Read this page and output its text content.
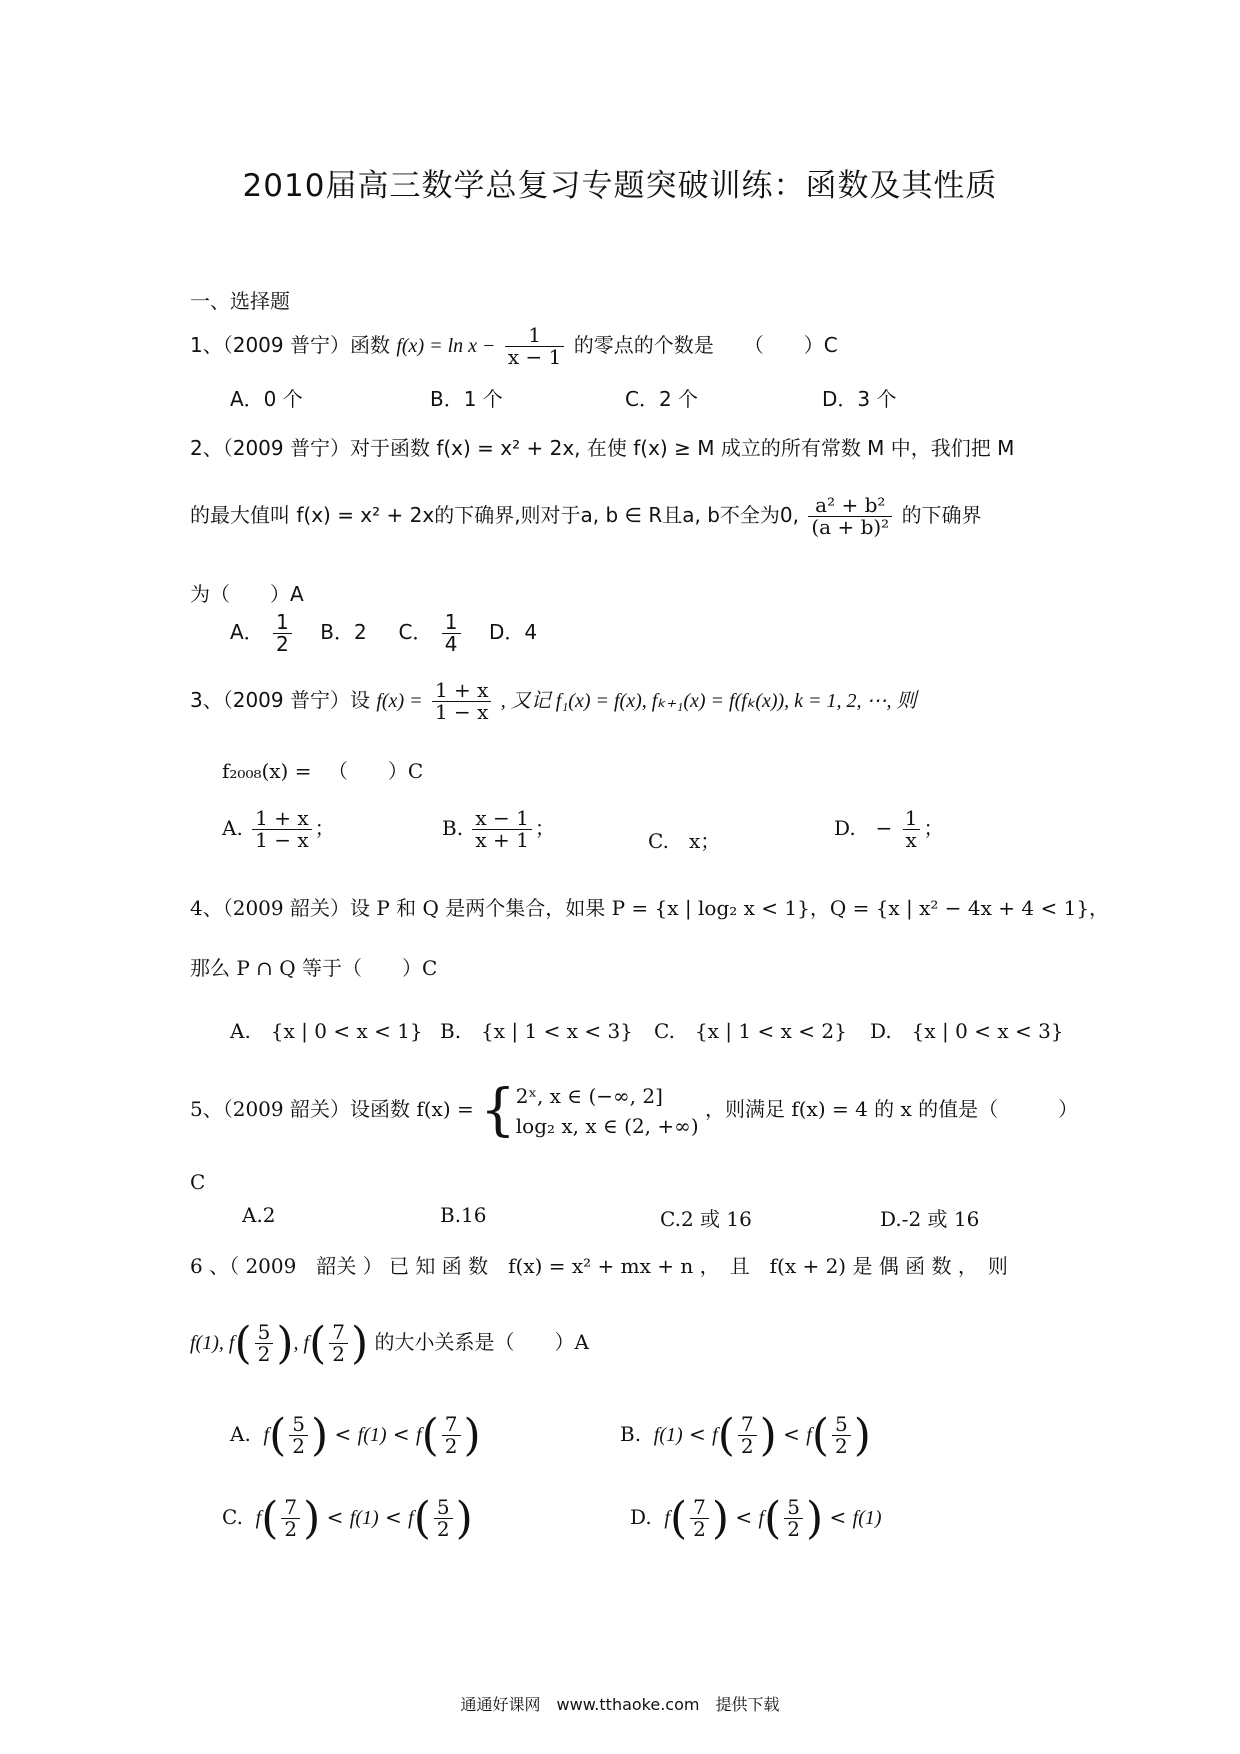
2010届高三数学总复习专题突破训练：函数及其性质
一、选择题
1、（2009 普宁）函数 $f(x) = \ln x - \frac{1}{x - 1}$ 的零点的个数是　　（　　）C
A．0 个	B．1 个	C．2 个	D．3 个
2、（2009 普宁）对于函数 f(x) = x² + 2x, 在使 f(x) ≥ M 成立的所有常数 M 中，我们把 M
的最大值叫 f(x) = x² + 2x的下确界,则对于a, b ∈ R且a, b不全为0, $\frac{\text{a² + b²}}{\text{(a + b)²}}$ 的下确界
为（　　）A
A． $\frac{1}{2}$ B．2 C． $\frac{1}{4}$ D．4
3、（2009 普宁）设 $f(x) = \frac{1 + x}{1 - x}$ , 又记 f₁(x) = f(x), fₖ₊₁(x) = f(fₖ(x)), k = 1, 2, ⋯, 则
f₂₀₀₈(x) = 　（　　）C
A. $\frac{1 + x}{1 - x}$ ；	B. $\frac{x - 1}{x + 1}$ ；
C.　x；
D.　− $\frac{1}{x}$ ；
4、（2009 韶关）设 P 和 Q 是两个集合，如果 P = {x | log₂ x < 1}，Q = {x | x² − 4x + 4 < 1}，
那么 P ∩ Q 等于（　　）C
A.　{x | 0 < x < 1} B.　{x | 1 < x < 3} C.　{x | 1 < x < 2} D.　{x | 0 < x < 3}
5、（2009 韶关）设函数 f(x) = { 2ˣ, x ∈ (−∞, 2]
log₂ x, x ∈ (2, +∞)
，则满足 f(x) = 4 的 x 的值是（　　　）
C
A.2	B.16	C.2 或 16	D.-2 或 16
6 、（ 2009　韶关 ） 已 知 函 数　f(x) = x² + mx + n ，　且　f(x + 2) 是 偶 函 数 ，　则
f(1), $f( \frac{5}{2}$ ), $f( \frac{7}{2}$ ) 的大小关系是（　　）A
A. $f( \frac{5}{2}$ ) < $f(1) < f( \frac{7}{2}$ )	B. $f(1) < f( \frac{7}{2}$ ) < $f( \frac{5}{2}$ )
C. $f( \frac{7}{2}$ ) < $f(1) < f( \frac{5}{2}$ )	D. $f( \frac{7}{2}$ ) < $f( \frac{5}{2}$ ) < f(1)
通通好课网　www.tthaoke.com　提供下载
